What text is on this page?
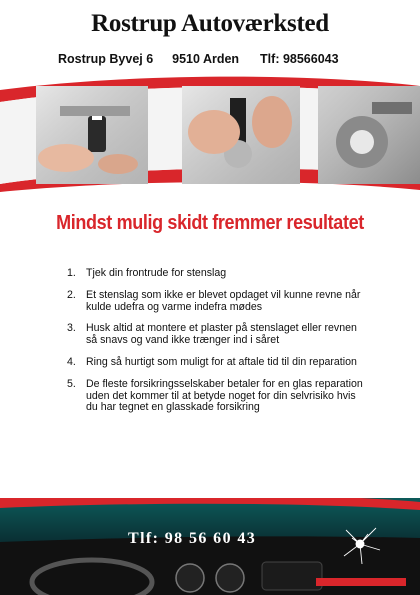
Rostrup Autoværksted
Rostrup Byvej 6 9510 Arden Tlf: 98566043
Mindst mulig skidt fremmer resultatet
1. Tjek din frontrude for stenslag
2. Et stenslag som ikke er blevet opdaget vil kunne revne når kulde udefra og varme indefra mødes
3. Husk altid at montere et plaster på stenslaget eller revnen så snavs og vand ikke trænger ind i såret
4. Ring så hurtigt som muligt for at aftale tid til din reparation
5. De fleste forsikringsselskaber betaler for en glas reparation uden det kommer til at betyde noget for din selvrisiko hvis du har tegnet en glasskade forsikring
Tlf: 98 56 60 43
